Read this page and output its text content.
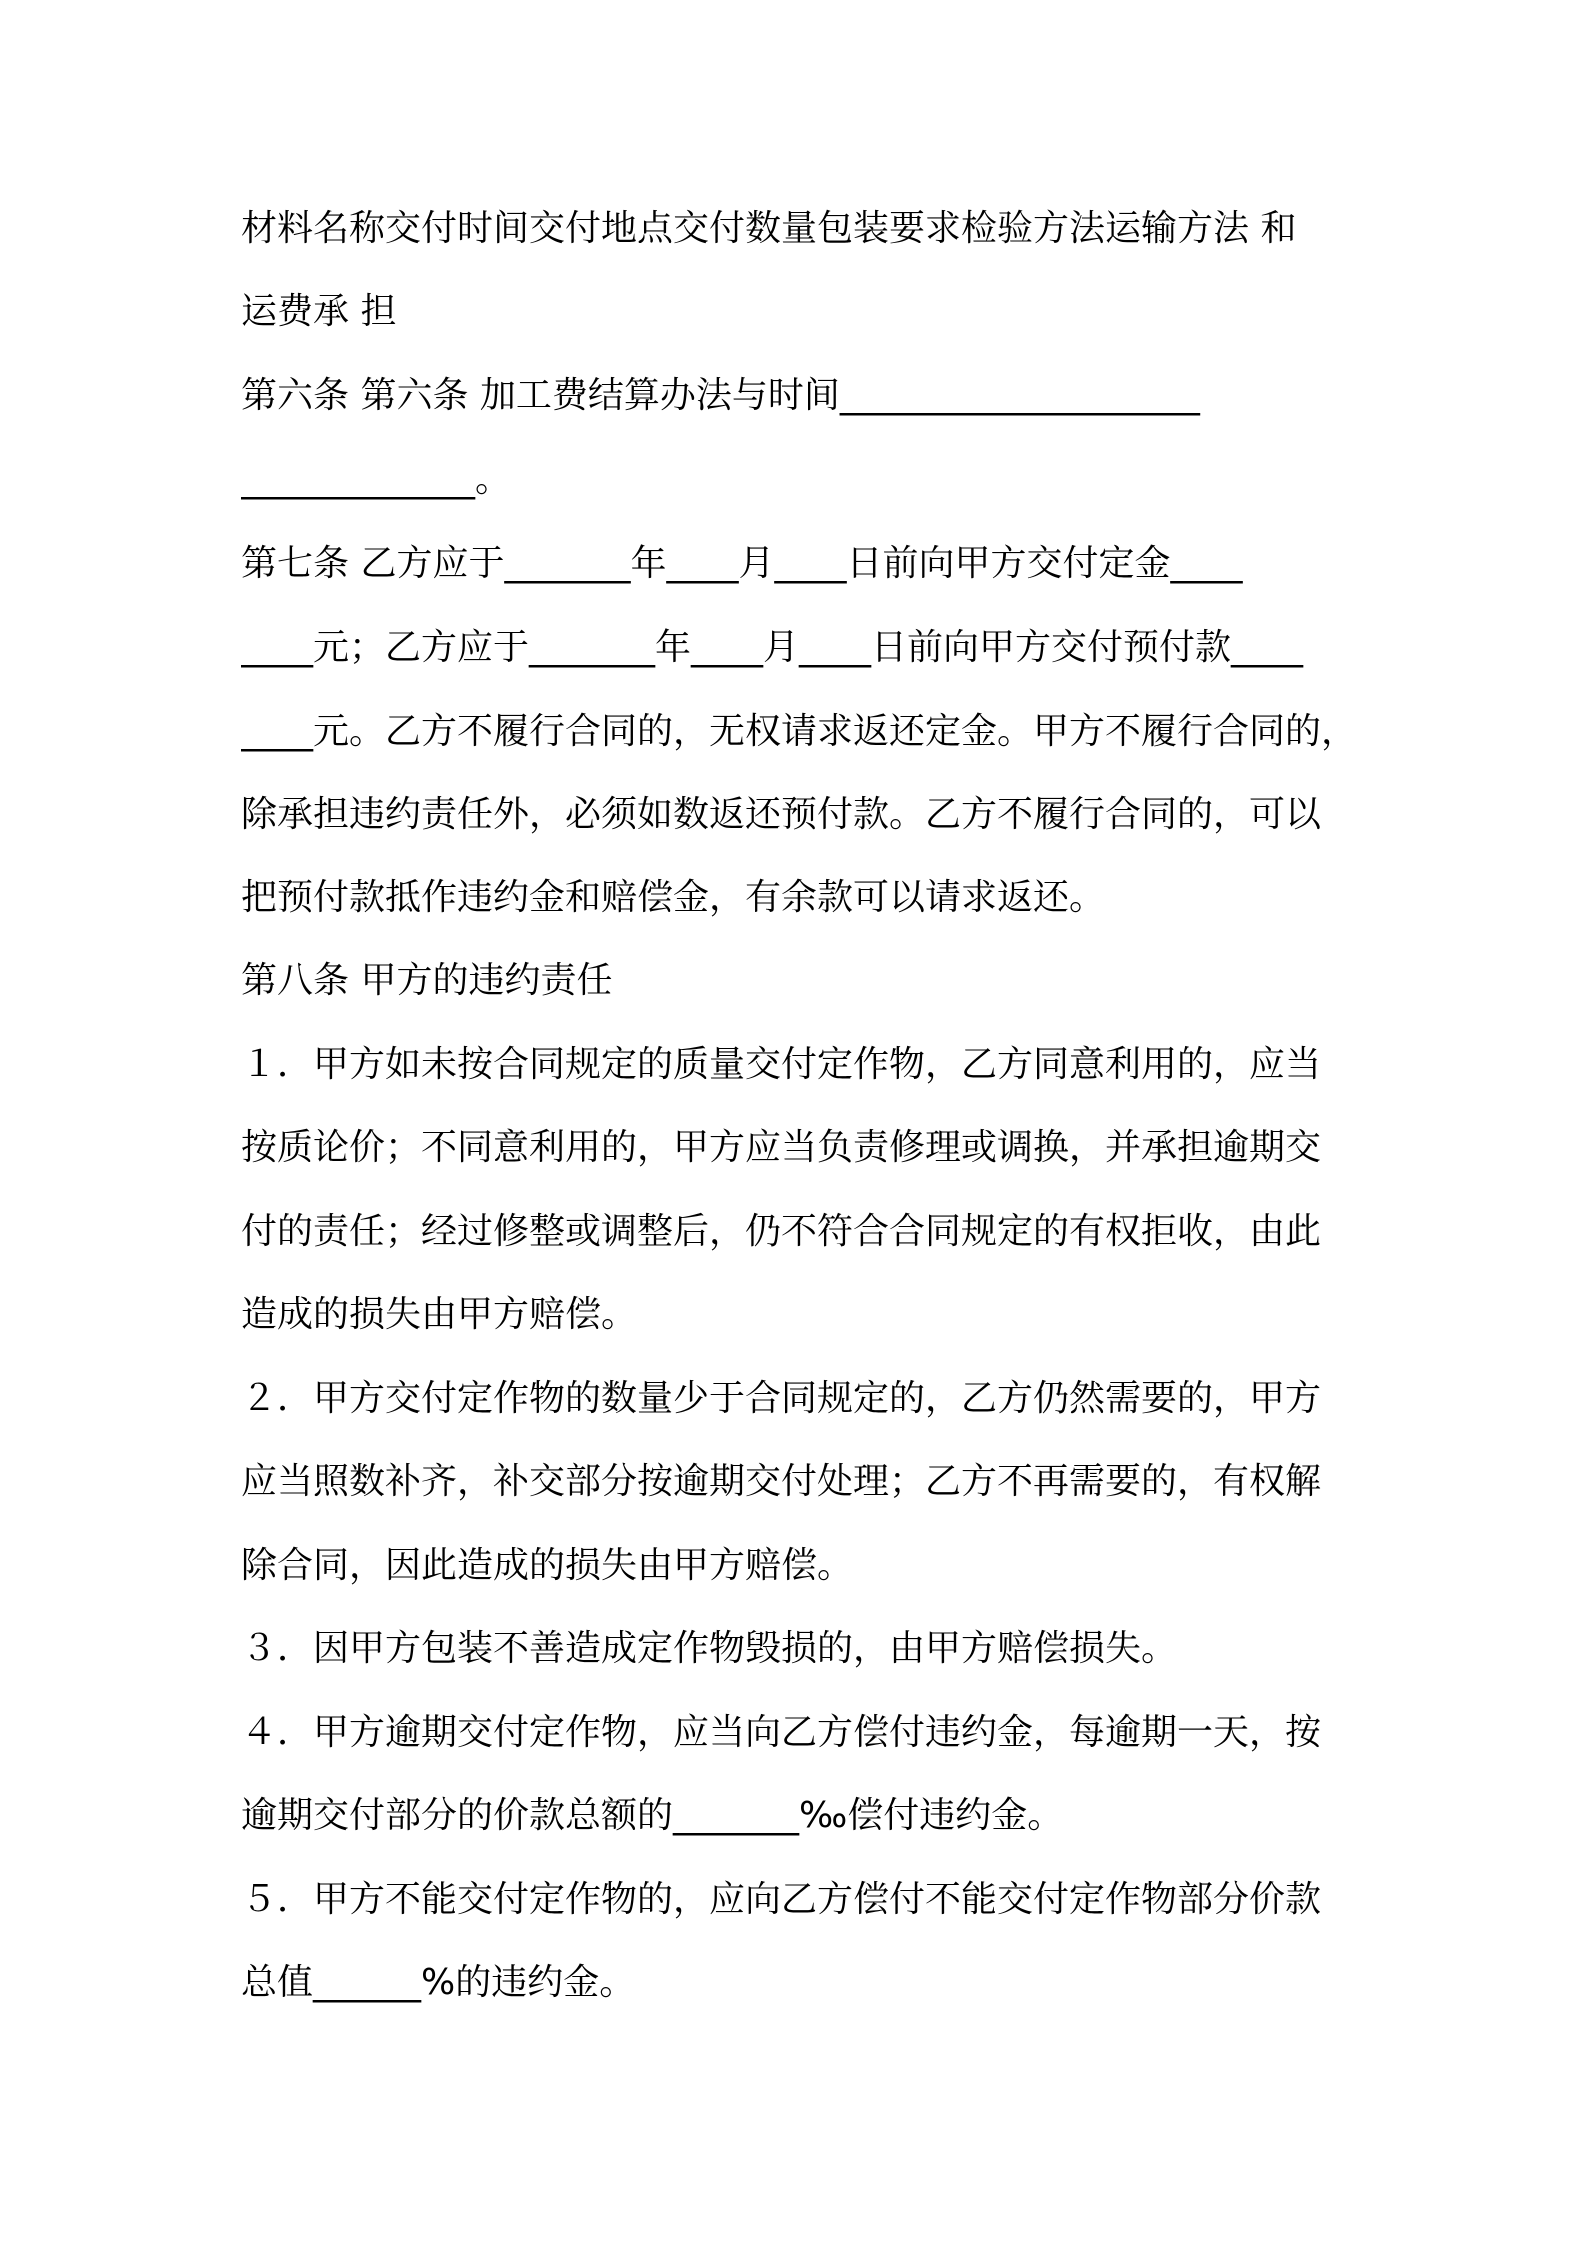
材料名称交付时间交付地点交付数量包装要求检验方法运输方法 和
运费承 担
第六条 第六条 加工费结算办法与时间____________________
_____________。
第七条 乙方应于_______年____月____日前向甲方交付定金____
____元；乙方应于_______年____月____日前向甲方交付预付款____
____元。乙方不履行合同的，无权请求返还定金。甲方不履行合同的，
除承担违约责任外，必须如数返还预付款。乙方不履行合同的，可以
把预付款抵作违约金和赔偿金，有余款可以请求返还。
第八条 甲方的违约责任
１．甲方如未按合同规定的质量交付定作物，乙方同意利用的，应当
按质论价；不同意利用的，甲方应当负责修理或调换，并承担逾期交
付的责任；经过修整或调整后，仍不符合合同规定的有权拒收，由此
造成的损失由甲方赔偿。
２．甲方交付定作物的数量少于合同规定的，乙方仍然需要的，甲方
应当照数补齐，补交部分按逾期交付处理；乙方不再需要的，有权解
除合同，因此造成的损失由甲方赔偿。
３．因甲方包装不善造成定作物毁损的，由甲方赔偿损失。
４．甲方逾期交付定作物，应当向乙方偿付违约金，每逾期一天，按
逾期交付部分的价款总额的_______‰偿付违约金。
５．甲方不能交付定作物的，应向乙方偿付不能交付定作物部分价款
总值______%的违约金。
